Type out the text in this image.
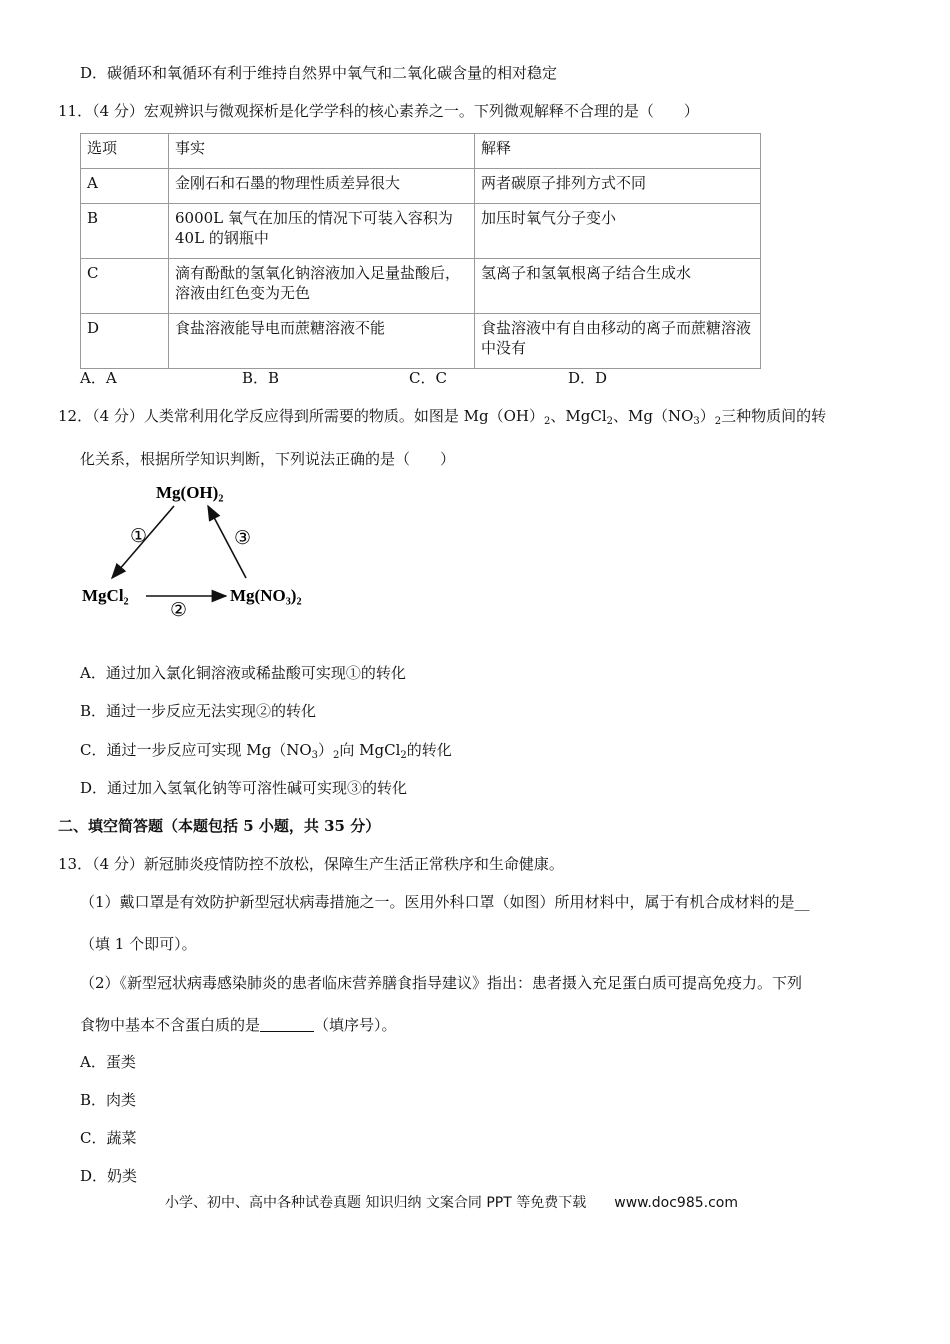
D．碳循环和氧循环有利于维持自然界中氧气和二氧化碳含量的相对稳定
11．（4 分）宏观辨识与微观探析是化学学科的核心素养之一。下列微观解释不合理的是（　　）
选项	事实	解释
A	金刚石和石墨的物理性质差异很大	两者碳原子排列方式不同
B	6000L 氧气在加压的情况下可装入容积为40L 的钢瓶中	加压时氧气分子变小
C	滴有酚酞的氢氧化钠溶液加入足量盐酸后，溶液由红色变为无色	氢离子和氢氧根离子结合生成水
D	食盐溶液能导电而蔗糖溶液不能	食盐溶液中有自由移动的离子而蔗糖溶液中没有
A．A	B．B	C．C	D．D
12．（4 分）人类常利用化学反应得到所需要的物质。如图是 $Mg(OH)_2$、MgCl$_2$、$Mg(NO_3)_2$三种物质间的转
化关系，根据所学知识判断，下列说法正确的是（　　）
Mg(OH)₂
MgCl₂	Mg(NO₃)₂
①
②
③
A．通过加入氯化铜溶液或稀盐酸可实现①的转化
B．通过一步反应无法实现②的转化
C．通过一步反应可实现 $Mg(NO_3)_2$向 MgCl$_2$的转化
D．通过加入氢氧化钠等可溶性碱可实现③的转化
二、填空简答题（本题包括 5 小题，共 35 分）
13．（4 分）新冠肺炎疫情防控不放松，保障生产生活正常秩序和生命健康。
（1）戴口罩是有效防护新型冠状病毒措施之一。医用外科口罩（如图）所用材料中，属于有机合成材料的是__
（填 1 个即可）。
（2）《新型冠状病毒感染肺炎的患者临床营养膳食指导建议》指出：患者摄入充足蛋白质可提高免疫力。下列
食物中基本不含蛋白质的是	（填序号）。
A．蛋类
B．肉类
C．蔬菜
D．奶类
小学、初中、高中各种试卷真题 知识归纳 文案合同 PPT 等免费下载 www.doc985.com
